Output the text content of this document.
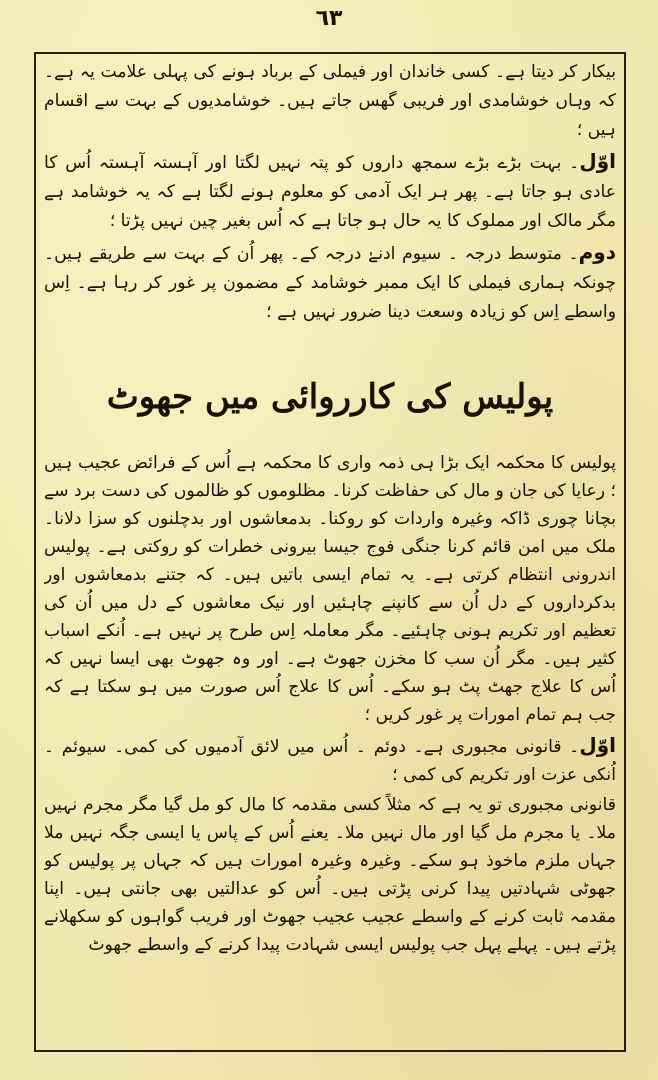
٦٣

بیکار کر دیتا ہے۔ کسی خاندان اور فیملی کے برباد ہونے کی پہلی علامت یہ ہے۔ کہ وہاں خوشامدی اور فریبی گھس جاتے ہیں۔ خوشامدیوں کے بہت سے اقسام ہیں ؛

اوّل۔ بہت بڑے بڑے سمجھ داروں کو پتہ نہیں لگتا اور آہستہ آہستہ اُس کا عادی ہو جاتا ہے۔ پھر ہر ایک آدمی کو معلوم ہونے لگتا ہے کہ یہ خوشامد ہے مگر مالک اور مملوک کا یہ حال ہو جاتا ہے کہ اُس بغیر چین نہیں پڑتا ؛

دوم۔ متوسط درجہ ۔ سیوم ادنےٰ درجہ کے۔ پھر اُن کے بہت سے طریقے ہیں۔ چونکہ ہماری فیملی کا ایک ممبر خوشامد کے مضمون پر غور کر رہا ہے۔ اِس واسطے اِس کو زیادہ وسعت دینا ضرور نہیں ہے ؛

پولیس کی کارروائی میں جھوٹ

پولیس کا محکمہ ایک بڑا ہی ذمہ واری کا محکمہ ہے اُس کے فرائض عجیب ہیں ؛ رعایا کی جان و مال کی حفاظت کرنا۔ مظلوموں کو ظالموں کی دست برد سے بچانا چوری ڈاکہ وغیرہ واردات کو روکنا۔ بدمعاشوں اور بدچلنوں کو سزا دلانا۔ ملک میں امن قائم کرنا جنگی فوج جیسا بیرونی خطرات کو روکتی ہے۔ پولیس اندرونی انتظام کرتی ہے۔ یہ تمام ایسی باتیں ہیں۔ کہ جتنے بدمعاشوں اور بدکرداروں کے دل اُن سے کانپنے چاہئیں اور نیک معاشوں کے دل میں اُن کی تعظیم اور تکریم ہونی چاہئیے۔ مگر معاملہ اِس طرح پر نہیں ہے۔ اُنکے اسباب کثیر ہیں۔ مگر اُن سب کا مخزن جھوٹ ہے۔ اور وہ جھوٹ بھی ایسا نہیں کہ اُس کا علاج جھٹ پٹ ہو سکے۔ اُس کا علاج اُس صورت میں ہو سکتا ہے کہ جب ہم تمام امورات پر غور کریں ؛

اوّل۔ قانونی مجبوری ہے۔ دوئم ۔ اُس میں لائق آدمیوں کی کمی۔ سیوئم ۔ اُنکی عزت اور تکریم کی کمی ؛

قانونی مجبوری تو یہ ہے کہ مثلاً کسی مقدمہ کا مال کو مل گیا مگر مجرم نہیں ملا۔ یا مجرم مل گیا اور مال نہیں ملا۔ یعنے اُس کے پاس یا ایسی جگہ نہیں ملا جہاں ملزم ماخوذ ہو سکے۔ وغیرہ وغیرہ امورات ہیں کہ جہاں پر پولیس کو جھوٹی شہادتیں پیدا کرنی پڑتی ہیں۔ اُس کو عدالتیں بھی جانتی ہیں۔ اپنا مقدمہ ثابت کرنے کے واسطے عجیب عجیب جھوٹ اور فریب گواہوں کو سکھلانے پڑتے ہیں۔ پہلے پہل جب پولیس ایسی شہادت پیدا کرنے کے واسطے جھوٹ
